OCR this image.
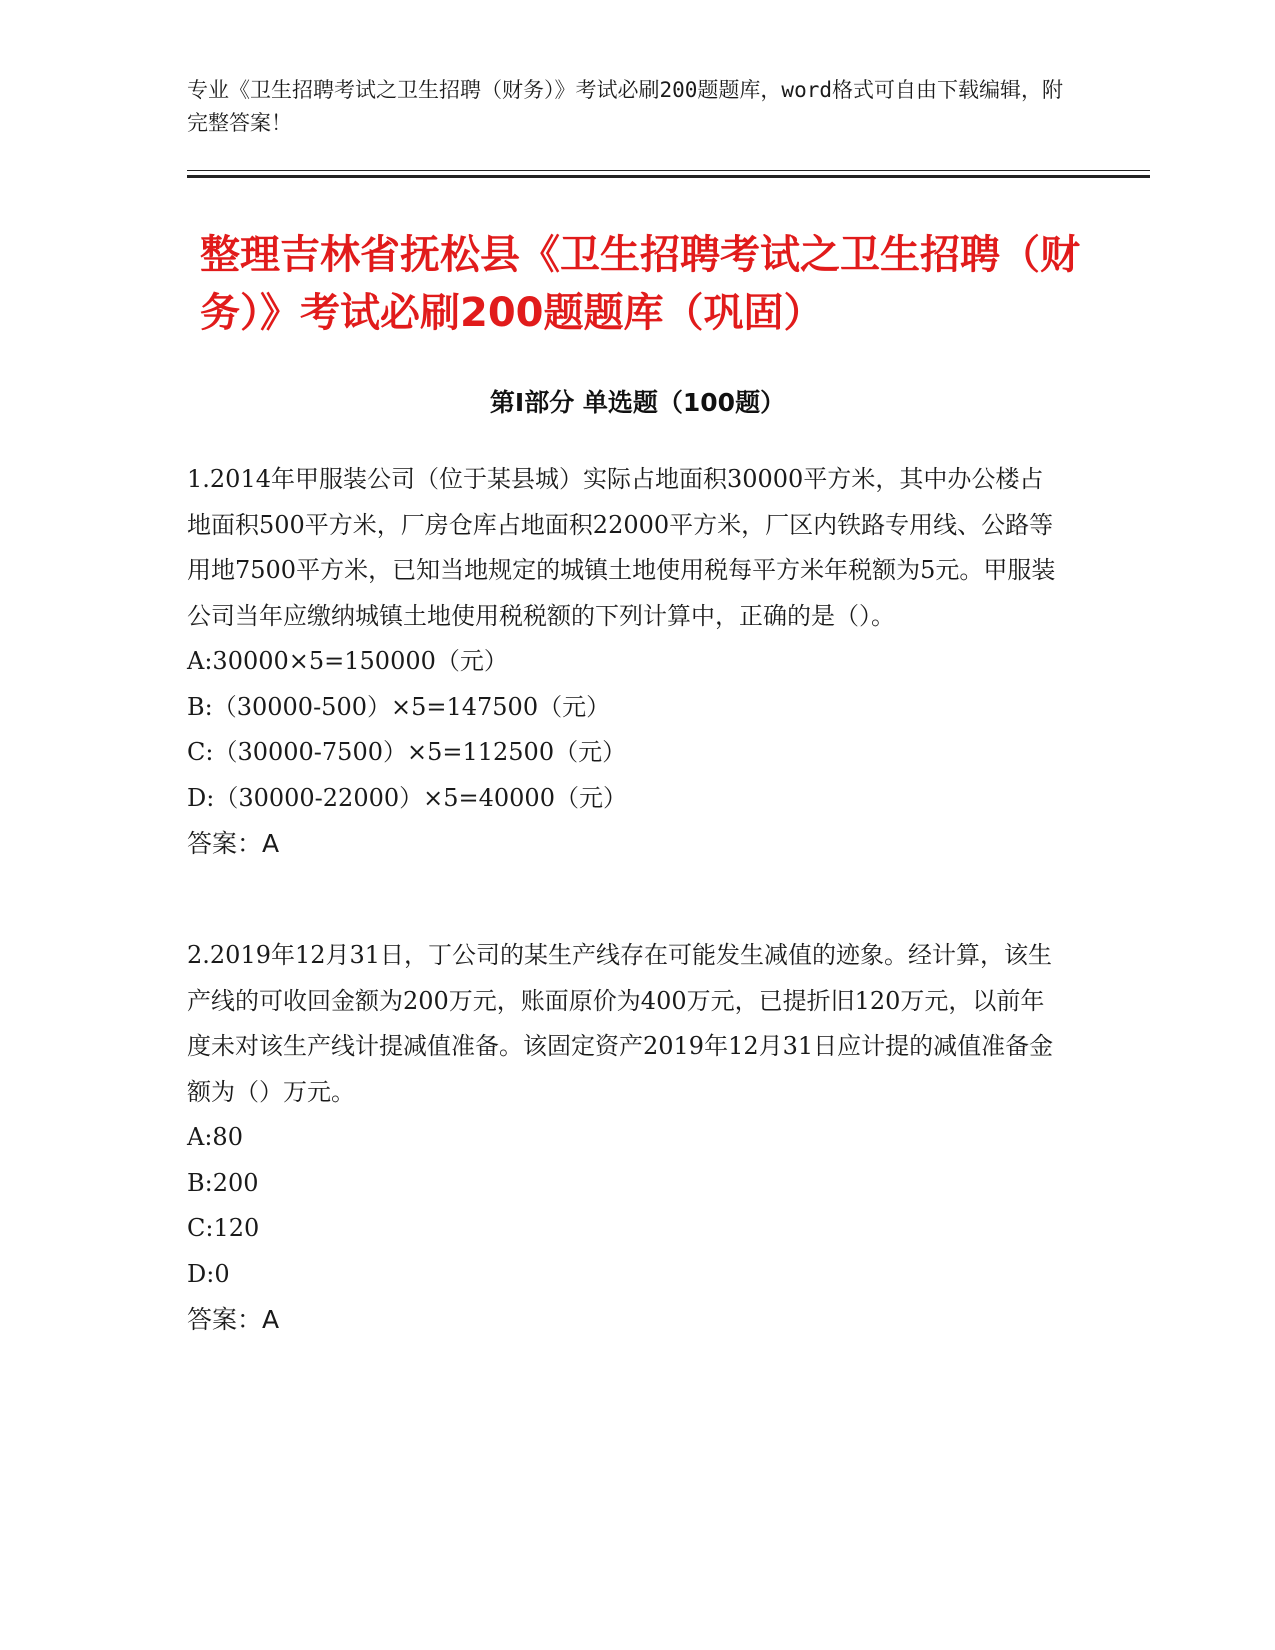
专业《卫生招聘考试之卫生招聘（财务）》考试必刷200题题库，word格式可自由下载编辑，附完整答案！

整理吉林省抚松县《卫生招聘考试之卫生招聘（财务）》考试必刷200题题库（巩固）
第I部分 单选题（100题）

1.2014年甲服装公司（位于某县城）实际占地面积30000平方米，其中办公楼占地面积500平方米，厂房仓库占地面积22000平方米，厂区内铁路专用线、公路等用地7500平方米，已知当地规定的城镇土地使用税每平方米年税额为5元。甲服装公司当年应缴纳城镇土地使用税税额的下列计算中，正确的是（）。

A:30000×5=150000（元）

B:（30000-500）×5=147500（元）

C:（30000-7500）×5=112500（元）

D:（30000-22000）×5=40000（元）

答案：A

2.2019年12月31日，丁公司的某生产线存在可能发生减值的迹象。经计算，该生产线的可收回金额为200万元，账面原价为400万元，已提折旧120万元，以前年度未对该生产线计提减值准备。该固定资产2019年12月31日应计提的减值准备金额为（）万元。

A:80

B:200

C:120

D:0

答案：A
